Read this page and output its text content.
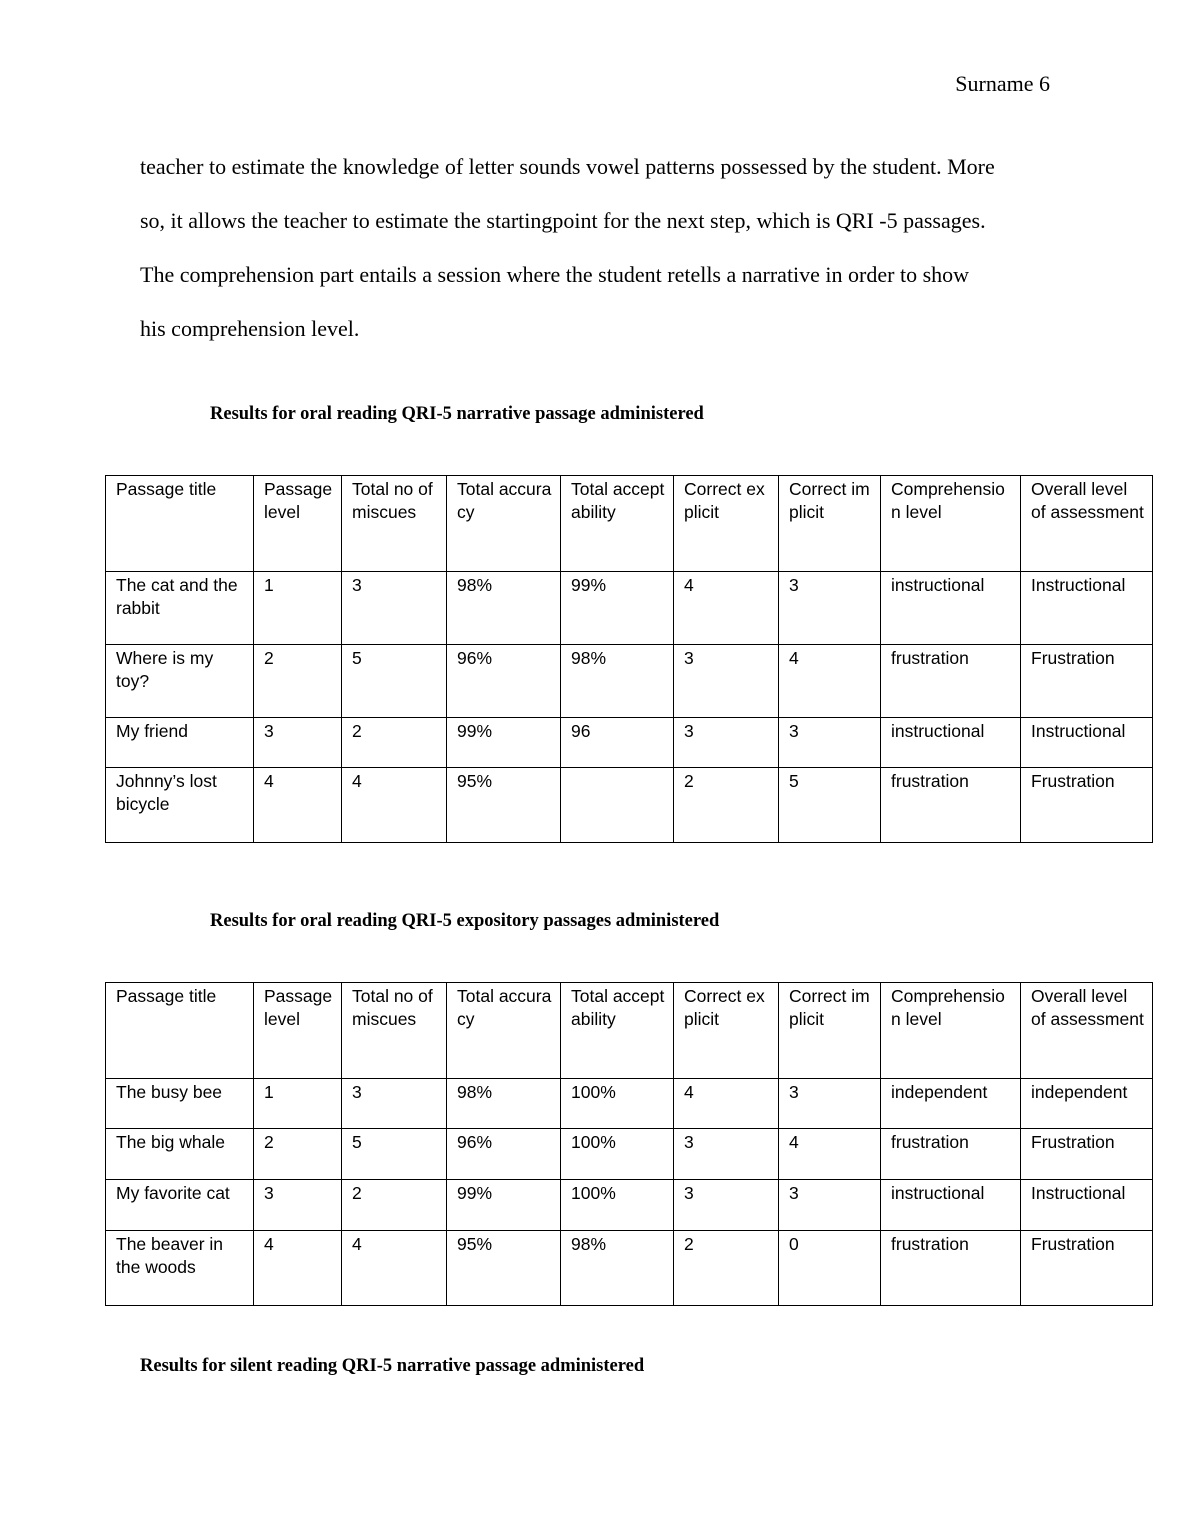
Surname 6

teacher to estimate the knowledge of letter sounds vowel patterns possessed by the student. More
so, it allows the teacher to estimate the startingpoint for the next step, which is QRI -5 passages.
The comprehension part entails a session where the student retells a narrative in order to show
his comprehension level.

Results for oral reading QRI-5 narrative passage administered
Passage title	Passage level	Total no of miscues	Total accuracy	Total acceptability	Correct explicit	Correct implicit	Comprehension level	Overall level of assessment
The cat and the rabbit	1	3	98%	99%	4	3	instructional	Instructional
Where is my toy?	2	5	96%	98%	3	4	frustration	Frustration
My friend	3	2	99%	96	3	3	instructional	Instructional
Johnny’s lost bicycle	4	4	95%		2	5	frustration	Frustration
Results for oral reading QRI-5 expository passages administered
Passage title	Passage level	Total no of miscues	Total accuracy	Total acceptability	Correct explicit	Correct implicit	Comprehension level	Overall level of assessment
The busy bee	1	3	98%	100%	4	3	independent	independent
The big whale	2	5	96%	100%	3	4	frustration	Frustration
My favorite cat	3	2	99%	100%	3	3	instructional	Instructional
The beaver in the woods	4	4	95%	98%	2	0	frustration	Frustration
Results for silent reading QRI-5 narrative passage administered
